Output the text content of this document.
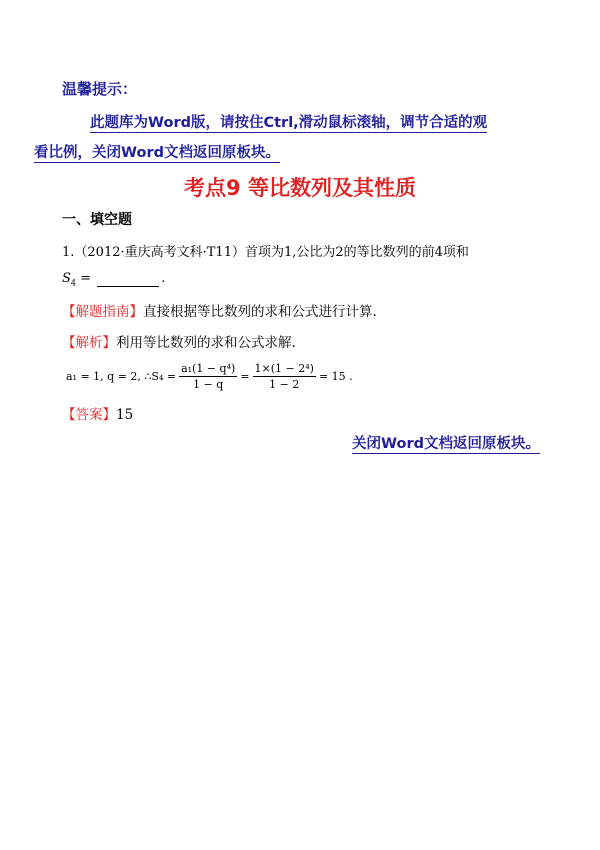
温馨提示：
此题库为Word版，请按住Ctrl,滑动鼠标滚轴，调节合适的观
看比例，关闭Word文档返回原板块。
考点9 等比数列及其性质
一、填空题
1.（2012·重庆高考文科·T11）首项为1,公比为2的等比数列的前4项和
$S_4$ =	.
【解题指南】直接根据等比数列的求和公式进行计算.
【解析】利用等比数列的求和公式求解.
a₁ = 1, q = 2, ∴S₄ = $\frac{\text{a₁(1 − q⁴)}}{1 - q} = \frac{\text{1×(1 − 2⁴)}}{1 - 2} = 15$ .
【答案】15
关闭Word文档返回原板块。
